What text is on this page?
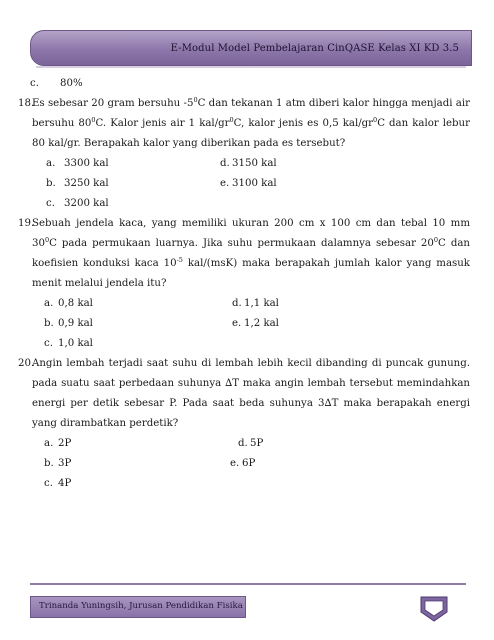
E-Modul Model Pembelajaran CinQASE Kelas XI KD 3.5
c. 80%
18.
Es sebesar 20 gram bersuhu $-5^0C$ dan tekanan 1 atm diberi kalor hingga menjadi air
bersuhu $80^0C$. Kalor jenis air 1 kal/$gr^0C$, kalor jenis es 0,5 kal/$gr^0C$ dan kalor lebur
80 kal/gr. Berapakah kalor yang diberikan pada es tersebut?
a. 3300 kal	d. 3150 kal
b. 3250 kal	e. 3100 kal
c. 3200 kal
19.
Sebuah jendela kaca, yang memiliki ukuran 200 cm x 100 cm dan tebal 10 mm
$30^0C$ pada permukaan luarnya. Jika suhu permukaan dalamnya sebesar $20^0C$ dan
koefisien konduksi kaca $10^{-5}$ kal/(msK) maka berapakah jumlah kalor yang masuk
menit melalui jendela itu?
a. 0,8 kal	d. 1,1 kal
b. 0,9 kal	e. 1,2 kal
c. 1,0 kal
20.
Angin lembah terjadi saat suhu di lembah lebih kecil dibanding di puncak gunung.
pada suatu saat perbedaan suhunya ∆T maka angin lembah tersebut memindahkan
energi per detik sebesar P. Pada saat beda suhunya 3∆T maka berapakah energi
yang dirambatkan perdetik?
a. 2P	d. 5P
b. 3P	e. 6P
c. 4P
Trinanda Yuningsih, Jurusan Pendidikan Fisika
